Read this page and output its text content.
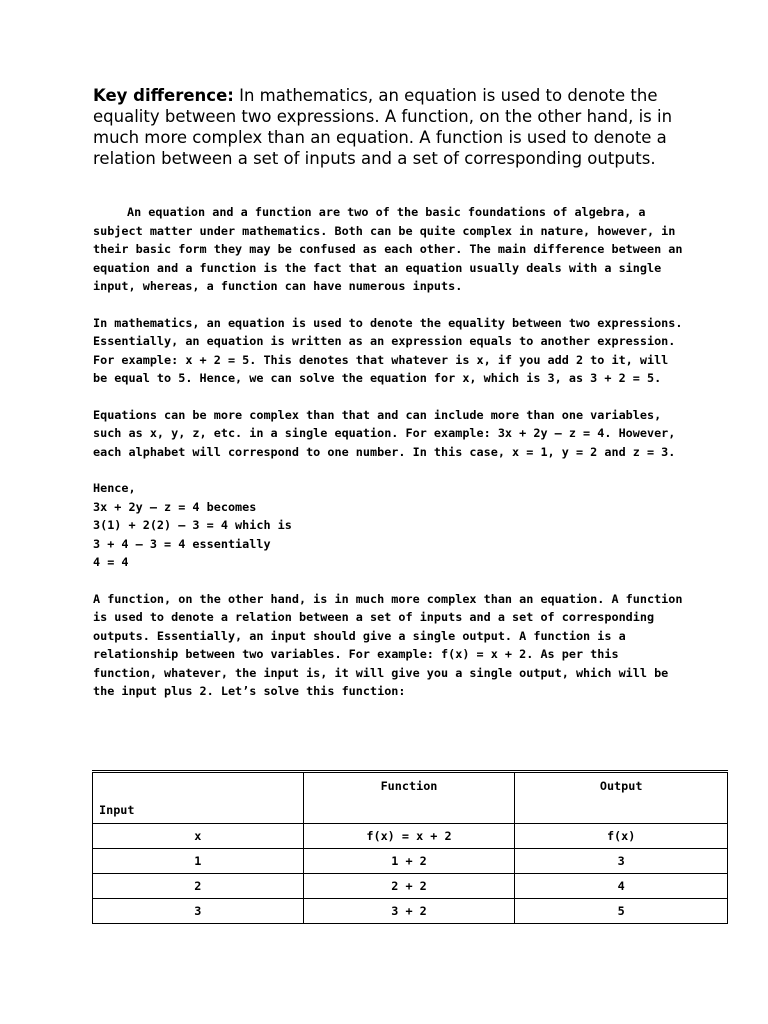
Key difference: In mathematics, an equation is used to denote the equality between two expressions. A function, on the other hand, is in much more complex than an equation. A function is used to denote a relation between a set of inputs and a set of corresponding outputs.

An equation and a function are two of the basic foundations of algebra, a subject matter under mathematics. Both can be quite complex in nature, however, in their basic form they may be confused as each other. The main difference between an equation and a function is the fact that an equation usually deals with a single input, whereas, a function can have numerous inputs.

In mathematics, an equation is used to denote the equality between two expressions. Essentially, an equation is written as an expression equals to another expression. For example: x + 2 = 5. This denotes that whatever is x, if you add 2 to it, will be equal to 5. Hence, we can solve the equation for x, which is 3, as 3 + 2 = 5.

Equations can be more complex than that and can include more than one variables, such as x, y, z, etc. in a single equation. For example: 3x + 2y – z = 4. However, each alphabet will correspond to one number. In this case, x = 1, y = 2 and z = 3.

Hence,
3x + 2y – z = 4 becomes
3(1) + 2(2) – 3 = 4 which is
3 + 4 – 3 = 4 essentially
4 = 4

A function, on the other hand, is in much more complex than an equation. A function is used to denote a relation between a set of inputs and a set of corresponding outputs. Essentially, an input should give a single output. A function is a relationship between two variables. For example: f(x) = x + 2. As per this function, whatever, the input is, it will give you a single output, which will be the input plus 2. Let’s solve this function:

Input	Function	Output
x	f(x) = x + 2	f(x)
1	1 + 2	3
2	2 + 2	4
3	3 + 2	5
